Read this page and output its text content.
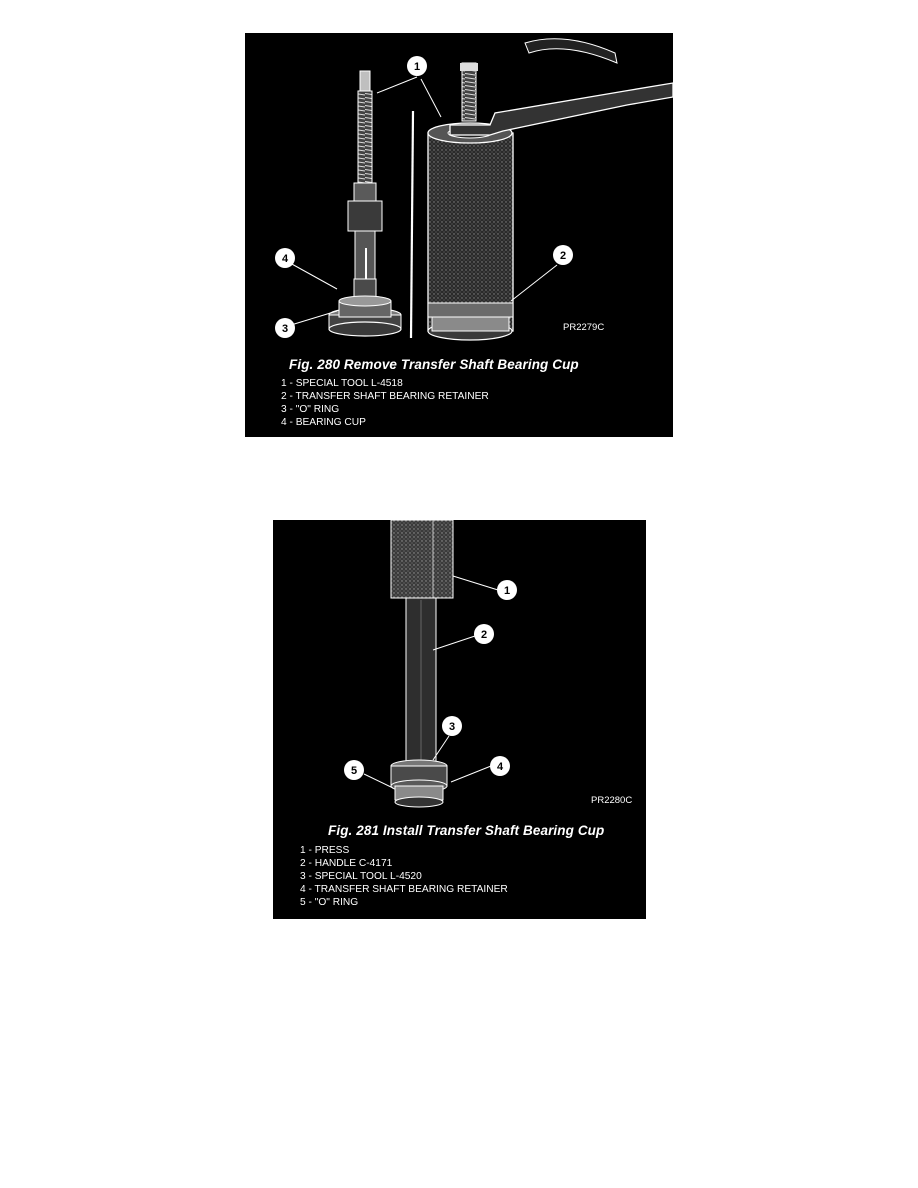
1
2
3
4
PR2279C
Fig. 280 Remove Transfer Shaft Bearing Cup
1 - SPECIAL TOOL L-4518
2 - TRANSFER SHAFT BEARING RETAINER
3 - "O" RING
4 - BEARING CUP
1
2
3
4
5
PR2280C
Fig. 281 Install Transfer Shaft Bearing Cup
1 - PRESS
2 - HANDLE C-4171
3 - SPECIAL TOOL L-4520
4 - TRANSFER SHAFT BEARING RETAINER
5 - "O" RING
